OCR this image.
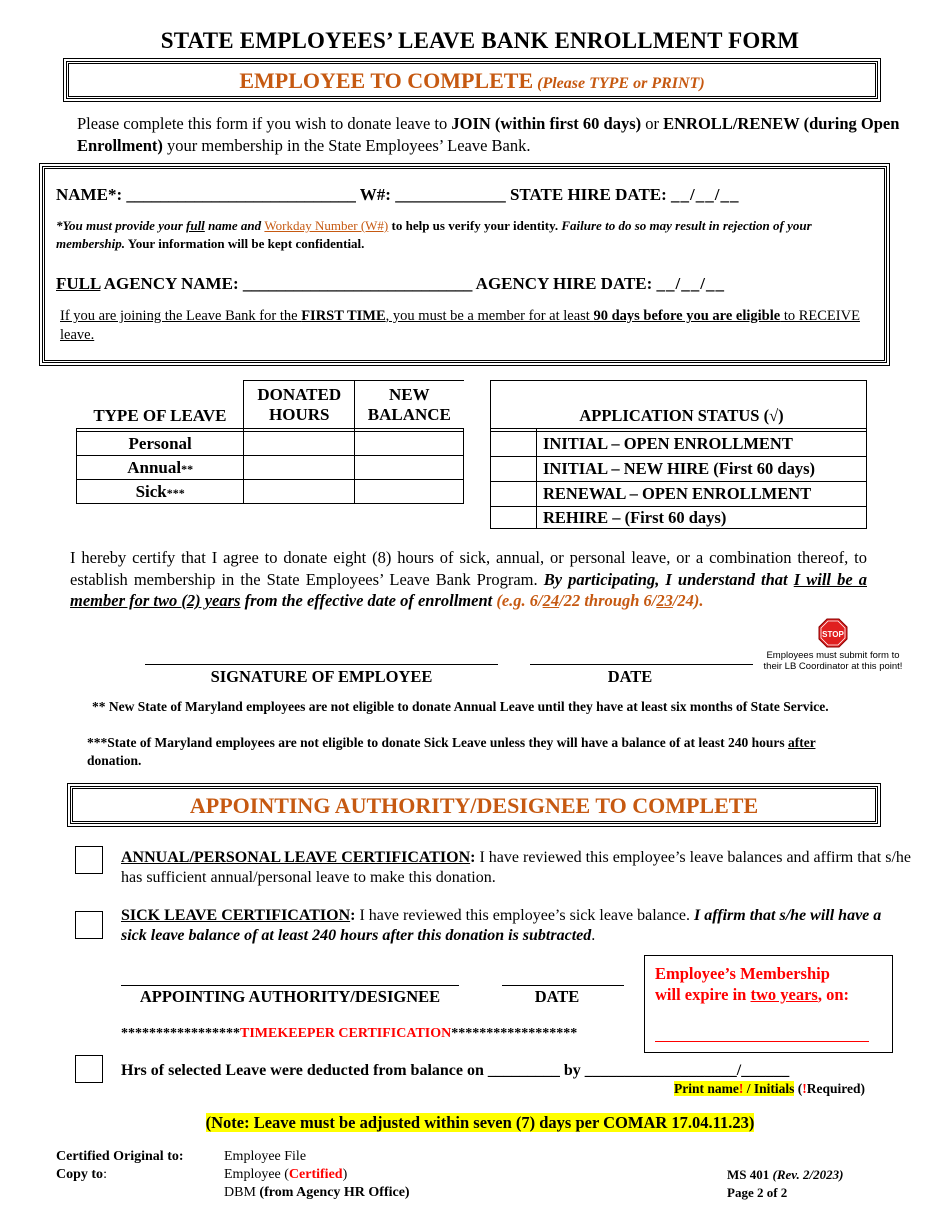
STATE EMPLOYEES’ LEAVE BANK ENROLLMENT FORM
EMPLOYEE TO COMPLETE (Please TYPE or PRINT)
Please complete this form if you wish to donate leave to JOIN (within first 60 days) or ENROLL/RENEW (during Open Enrollment) your membership in the State Employees’ Leave Bank.
NAME*: ___________________________ W#: _____________ STATE HIRE DATE: __/__/__
*You must provide your full name and Workday Number (W#) to help us verify your identity. Failure to do so may result in rejection of your membership. Your information will be kept confidential.
FULL AGENCY NAME: ___________________________ AGENCY HIRE DATE: __/__/__
If you are joining the Leave Bank for the FIRST TIME, you must be a member for at least 90 days before you are eligible to RECEIVE leave.
TYPE OF LEAVE	DONATED HOURS	NEW BALANCE

Personal		
Annual**		
Sick***		
APPLICATION STATUS (√)	

	INITIAL – OPEN ENROLLMENT
	INITIAL – NEW HIRE (First 60 days)
	RENEWAL – OPEN ENROLLMENT
	REHIRE – (First 60 days)
I hereby certify that I agree to donate eight (8) hours of sick, annual, or personal leave, or a combination thereof, to establish membership in the State Employees’ Leave Bank Program. By participating, I understand that I will be a member for two (2) years from the effective date of enrollment (e.g. 6/24/22 through 6/23/24).
STOP
Employees must submit form to their LB Coordinator at this point!
SIGNATURE OF EMPLOYEE	DATE
** New State of Maryland employees are not eligible to donate Annual Leave until they have at least six months of State Service.
***State of Maryland employees are not eligible to donate Sick Leave unless they will have a balance of at least 240 hours after donation.
APPOINTING AUTHORITY/DESIGNEE TO COMPLETE
ANNUAL/PERSONAL LEAVE CERTIFICATION: I have reviewed this employee’s leave balances and affirm that s/he has sufficient annual/personal leave to make this donation.
SICK LEAVE CERTIFICATION: I have reviewed this employee’s sick leave balance. I affirm that s/he will have a sick leave balance of at least 240 hours after this donation is subtracted.
APPOINTING AUTHORITY/DESIGNEE	DATE
Employee’s Membership
will expire in two years, on:
*****************TIMEKEEPER CERTIFICATION******************
Hrs of selected Leave were deducted from balance on _________ by ___________________/______
Print name! / Initials (!Required)
(Note: Leave must be adjusted within seven (7) days per COMAR 17.04.11.23)
Certified Original to:
Copy to:
Employee File
Employee (Certified)
DBM (from Agency HR Office)
MS 401 (Rev. 2/2023)
Page 2 of 2
